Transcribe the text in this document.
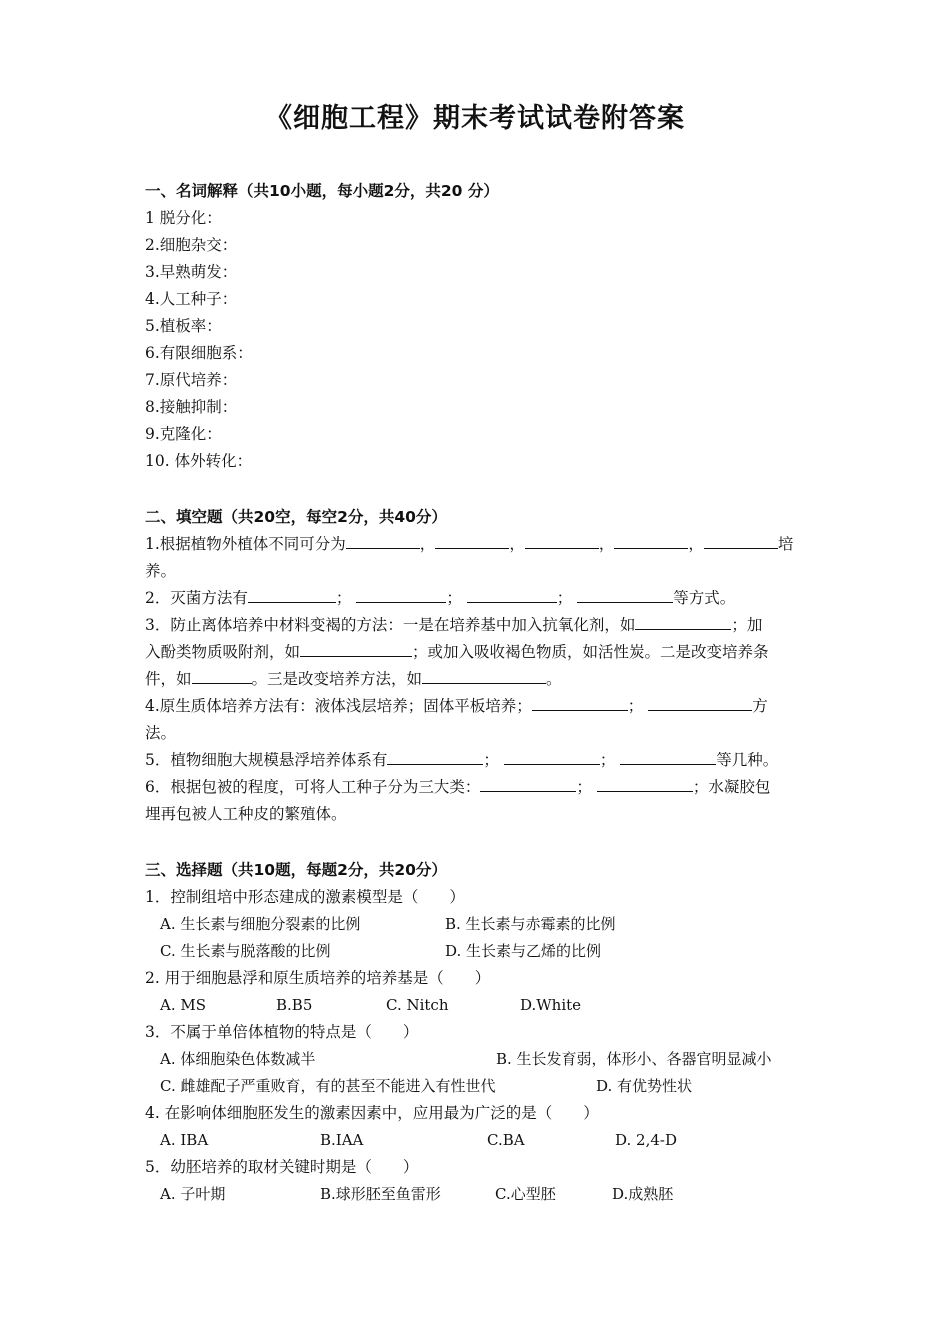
《细胞工程》期末考试试卷附答案
一、名词解释（共10小题，每小题2分，共20 分）
1 脱分化：
2.细胞杂交：
3.早熟萌发：
4.人工种子：
5.植板率：
6.有限细胞系：
7.原代培养：
8.接触抑制：
9.克隆化：
10. 体外转化：
二、填空题（共20空，每空2分，共40分）
1.根据植物外植体不同可分为	，	，	，	，	培
养。
2．灭菌方法有	；	；	；	等方式。
3．防止离体培养中材料变褐的方法：一是在培养基中加入抗氧化剂，如	；加
入酚类物质吸附剂，如	；或加入吸收褐色物质，如活性炭。二是改变培养条
件，如	。三是改变培养方法，如	。
4.原生质体培养方法有：液体浅层培养；固体平板培养；	；	方
法。
5．植物细胞大规模悬浮培养体系有	；	；	等几种。
6．根据包被的程度，可将人工种子分为三大类：	；	；水凝胶包
埋再包被人工种皮的繁殖体。
三、选择题（共10题，每题2分，共20分）
1．控制组培中形态建成的激素模型是（　　）
A. 生长素与细胞分裂素的比例	B. 生长素与赤霉素的比例
C. 生长素与脱落酸的比例	D. 生长素与乙烯的比例
2. 用于细胞悬浮和原生质培养的培养基是（　　）
A. MS	B.B5	C. Nitch	D.White
3．不属于单倍体植物的特点是（　　）
A. 体细胞染色体数减半	B. 生长发育弱，体形小、各器官明显减小
C. 雌雄配子严重败育，有的甚至不能进入有性世代	D. 有优势性状
4. 在影响体细胞胚发生的激素因素中，应用最为广泛的是（　　）
A. IBA	B.IAA	C.BA	D. 2,4-D
5．幼胚培养的取材关键时期是（　　）
A. 子叶期	B.球形胚至鱼雷形	C.心型胚	D.成熟胚
